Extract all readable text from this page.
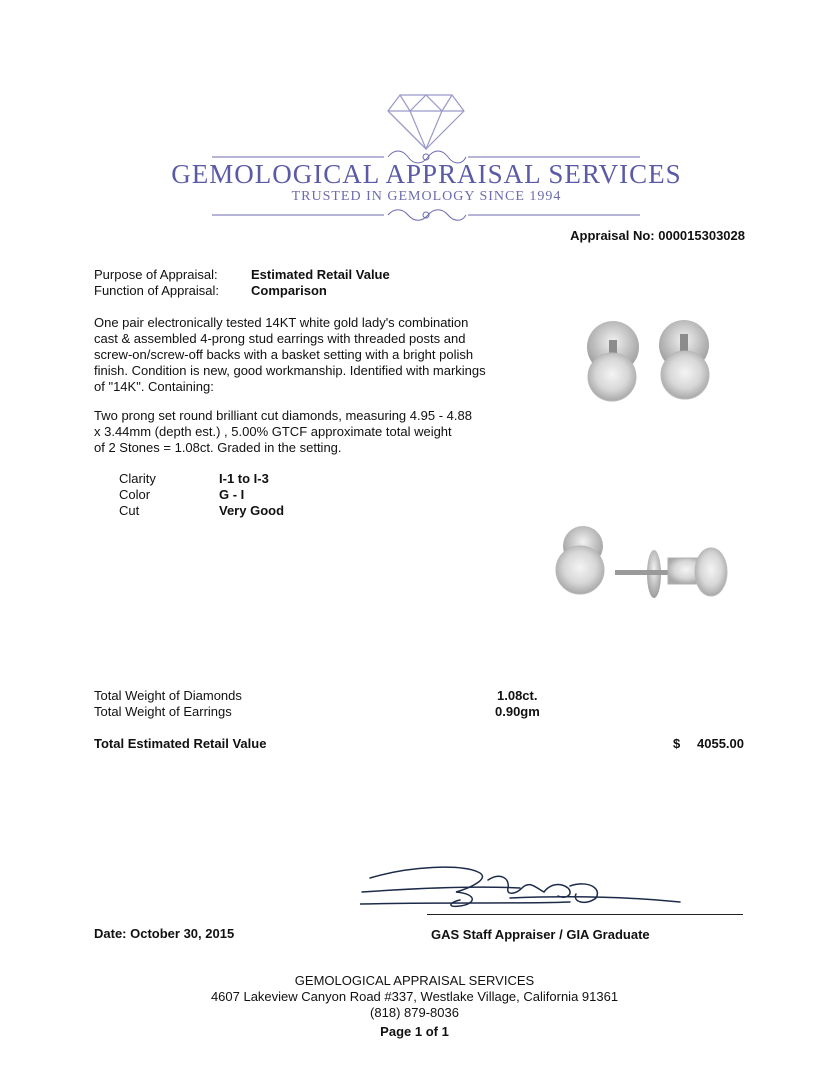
GEMOLOGICAL APPRAISAL SERVICES
TRUSTED IN GEMOLOGY SINCE 1994
Appraisal No: 000015303028
Purpose of Appraisal:	Estimated Retail Value
Function of Appraisal: Comparison
One pair electronically tested 14KT white gold lady's combination
cast & assembled 4-prong stud earrings with threaded posts and
screw-on/screw-off backs with a basket setting with a bright polish
finish. Condition is new, good workmanship. Identified with markings
of "14K". Containing:
Two prong set round brilliant cut diamonds, measuring 4.95 - 4.88
x 3.44mm (depth est.) , 5.00% GTCF approximate total weight
of 2 Stones = 1.08ct. Graded in the setting.
Clarity	I-1 to I-3
Color	G - I
Cut	Very Good
Total Weight of Diamonds	1.08ct.
Total Weight of Earrings	0.90gm
Total Estimated Retail Value	$ 4055.00
Date: October 30, 2015	GAS Staff Appraiser / GIA Graduate
GEMOLOGICAL APPRAISAL SERVICES
4607 Lakeview Canyon Road #337, Westlake Village, California 91361
(818) 879-8036
Page 1 of 1
